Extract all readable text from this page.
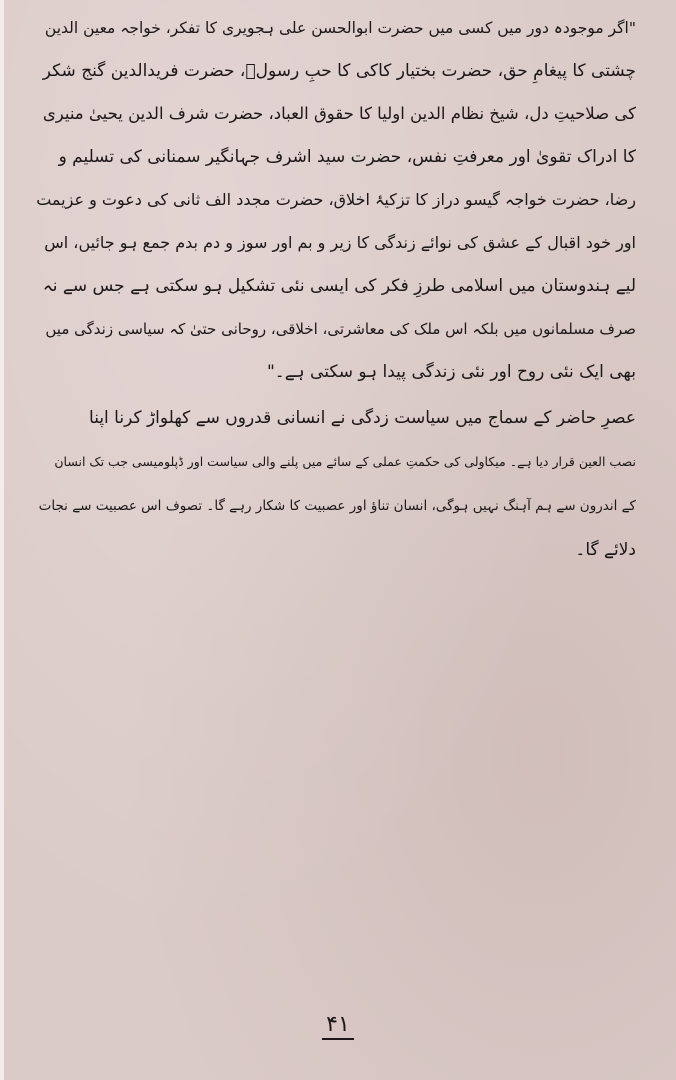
"اگر موجودہ دور میں کسی میں حضرت ابوالحسن علی ہجویری کا تفکر، خواجہ معین الدین
چشتی کا پیغامِ حق، حضرت بختیار کاکی کا حبِ رسولؐ، حضرت فریدالدین گنج شکر
کی صلاحیتِ دل، شیخ نظام الدین اولیا کا حقوق العباد، حضرت شرف الدین یحییٰ منیری
کا ادراک تقویٰ اور معرفتِ نفس، حضرت سید اشرف جہانگیر سمنانی کی تسلیم و
رضا، حضرت خواجہ گیسو دراز کا تزکیۂ اخلاق، حضرت مجدد الف ثانی کی دعوت و عزیمت
اور خود اقبال کے عشق کی نوائے زندگی کا زیر و بم اور سوز و دم بدم جمع ہو جائیں، اس
لیے ہندوستان میں اسلامی طرزِ فکر کی ایسی نئی تشکیل ہو سکتی ہے جس سے نہ
صرف مسلمانوں میں بلکہ اس ملک کی معاشرتی، اخلاقی، روحانی حتیٰ کہ سیاسی زندگی میں
بھی ایک نئی روح اور نئی زندگی پیدا ہو سکتی ہے۔"
عصرِ حاضر کے سماج میں سیاست زدگی نے انسانی قدروں سے کھلواڑ کرنا اپنا
نصب العین قرار دیا ہے۔ میکاولی کی حکمتِ عملی کے سائے میں پلنے والی سیاست اور ڈپلومیسی جب تک انسان
کے اندرون سے ہم آہنگ نہیں ہوگی، انسان تناؤ اور عصبیت کا شکار رہے گا۔ تصوف اس عصبیت سے نجات
دلائے گا۔
۴۱
